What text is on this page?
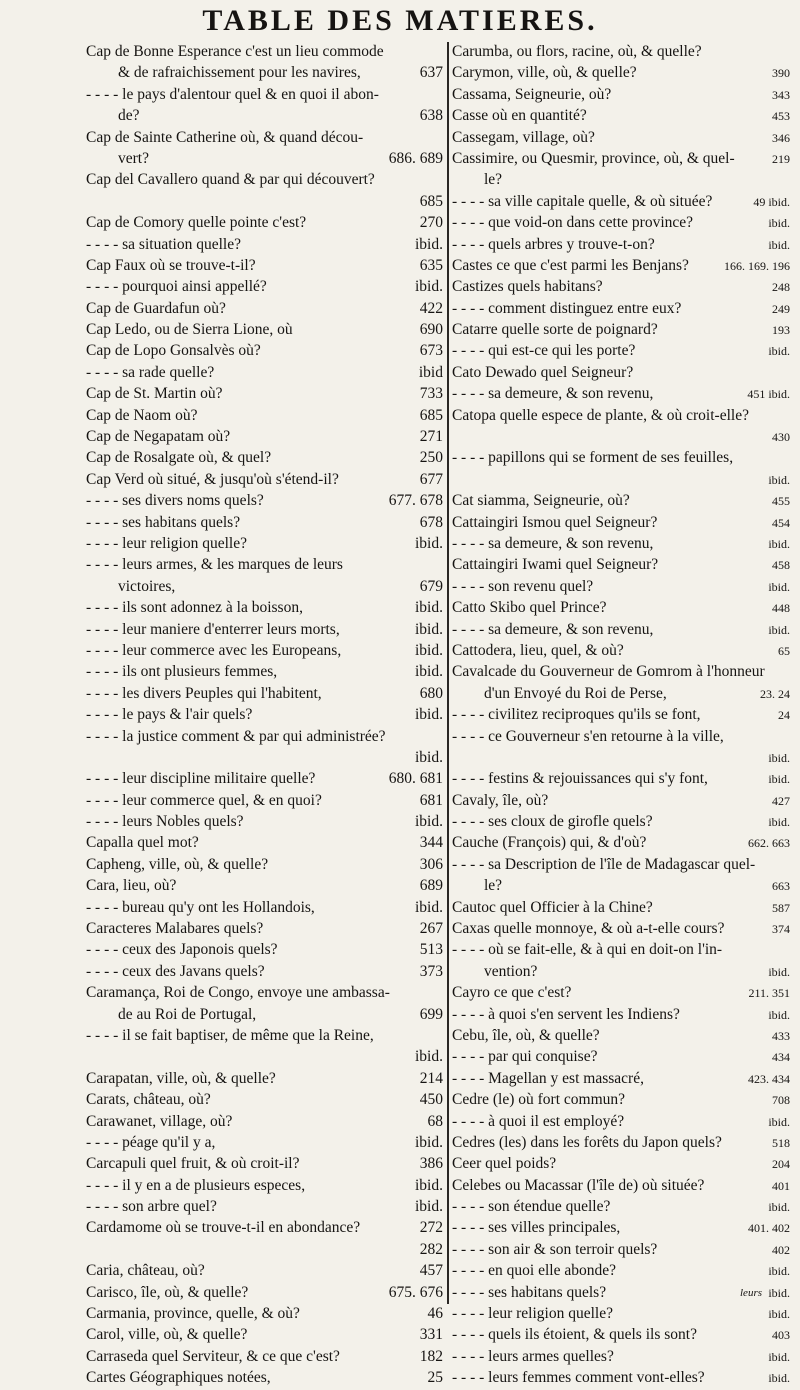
TABLE DES MATIERES.
Cap de Bonne Esperance c'est un lieu commode
& de rafraichissement pour les navires,	637
- - - - le pays d'alentour quel & en quoi il abon-
de?	638
Cap de Sainte Catherine où, & quand décou-
vert?	686. 689
Cap del Cavallero quand & par qui découvert?
685
Cap de Comory quelle pointe c'est?	270
- - - - sa situation quelle?	ibid.
Cap Faux où se trouve-t-il?	635
- - - - pourquoi ainsi appellé?	ibid.
Cap de Guardafun où?	422
Cap Ledo, ou de Sierra Lione, où	690
Cap de Lopo Gonsalvès où?	673
- - - - sa rade quelle?	ibid
Cap de St. Martin où?	733
Cap de Naom où?	685
Cap de Negapatam où?	271
Cap de Rosalgate où, & quel?	250
Cap Verd où situé, & jusqu'où s'étend-il?	677
- - - - ses divers noms quels?	677. 678
- - - - ses habitans quels?	678
- - - - leur religion quelle?	ibid.
- - - - leurs armes, & les marques de leurs
victoires,	679
- - - - ils sont adonnez à la boisson,	ibid.
- - - - leur maniere d'enterrer leurs morts,	ibid.
- - - - leur commerce avec les Europeans,	ibid.
- - - - ils ont plusieurs femmes,	ibid.
- - - - les divers Peuples qui l'habitent,	680
- - - - le pays & l'air quels?	ibid.
- - - - la justice comment & par qui administrée?
ibid.
- - - - leur discipline militaire quelle?	680. 681
- - - - leur commerce quel, & en quoi?	681
- - - - leurs Nobles quels?	ibid.
Capalla quel mot?	344
Capheng, ville, où, & quelle?	306
Cara, lieu, où?	689
- - - - bureau qu'y ont les Hollandois,	ibid.
Caracteres Malabares quels?	267
- - - - ceux des Japonois quels?	513
- - - - ceux des Javans quels?	373
Caramança, Roi de Congo, envoye une ambassa-
de au Roi de Portugal,	699
- - - - il se fait baptiser, de même que la Reine,
ibid.
Carapatan, ville, où, & quelle?	214
Carats, château, où?	450
Carawanet, village, où?	68
- - - - péage qu'il y a,	ibid.
Carcapuli quel fruit, & où croit-il?	386
- - - - il y en a de plusieurs especes,	ibid.
- - - - son arbre quel?	ibid.
Cardamome où se trouve-t-il en abondance?	272
282
Caria, château, où?	457
Carisco, île, où, & quelle?	675. 676
Carmania, province, quelle, & où?	46
Carol, ville, où, & quelle?	331
Carraseda quel Serviteur, & ce que c'est?	182
Cartes Géographiques notées,	25
Carumba, ou flors, racine, où, & quelle?
Carymon, ville, où, & quelle?	390
Cassama, Seigneurie, où?	343
Casse où en quantité?	453
Cassegam, village, où?	346
Cassimire, ou Quesmir, province, où, & quel-	219
le?
- - - - sa ville capitale quelle, & où située?	49 ibid.
- - - - que void-on dans cette province?	ibid.
- - - - quels arbres y trouve-t-on?	ibid.
Castes ce que c'est parmi les Benjans?	166. 169. 196
Castizes quels habitans?	248
- - - - comment distinguez entre eux?	249
Catarre quelle sorte de poignard?	193
- - - - qui est-ce qui les porte?	ibid.
Cato Dewado quel Seigneur?
- - - - sa demeure, & son revenu,	451 ibid.
Catopa quelle espece de plante, & où croit-elle?
430
- - - - papillons qui se forment de ses feuilles,
ibid.
Cat siamma, Seigneurie, où?	455
Cattaingiri Ismou quel Seigneur?	454
- - - - sa demeure, & son revenu,	ibid.
Cattaingiri Iwami quel Seigneur?	458
- - - - son revenu quel?	ibid.
Catto Skibo quel Prince?	448
- - - - sa demeure, & son revenu,	ibid.
Cattodera, lieu, quel, & où?	65
Cavalcade du Gouverneur de Gomrom à l'honneur
d'un Envoyé du Roi de Perse,	23. 24
- - - - civilitez reciproques qu'ils se font,	24
- - - - ce Gouverneur s'en retourne à la ville,
ibid.
- - - - festins & rejouissances qui s'y font,	ibid.
Cavaly, île, où?	427
- - - - ses cloux de girofle quels?	ibid.
Cauche (François) qui, & d'où?	662. 663
- - - - sa Description de l'île de Madagascar quel-
le?	663
Cautoc quel Officier à la Chine?	587
Caxas quelle monnoye, & où a-t-elle cours?	374
- - - - où se fait-elle, & à qui en doit-on l'in-
vention?	ibid.
Cayro ce que c'est?	211. 351
- - - - à quoi s'en servent les Indiens?	ibid.
Cebu, île, où, & quelle?	433
- - - - par qui conquise?	434
- - - - Magellan y est massacré,	423. 434
Cedre (le) où fort commun?	708
- - - - à quoi il est employé?	ibid.
Cedres (les) dans les forêts du Japon quels?	518
Ceer quel poids?	204
Celebes ou Macassar (l'île de) où située?	401
- - - - son étendue quelle?	ibid.
- - - - ses villes principales,	401. 402
- - - - son air & son terroir quels?	402
- - - - en quoi elle abonde?	ibid.
- - - - ses habitans quels?	ibid.
- - - - leur religion quelle?	ibid.
- - - - quels ils étoient, & quels ils sont?	403
- - - - leurs armes quelles?	ibid.
- - - - leurs femmes comment vont-elles?	ibid.
leurs
